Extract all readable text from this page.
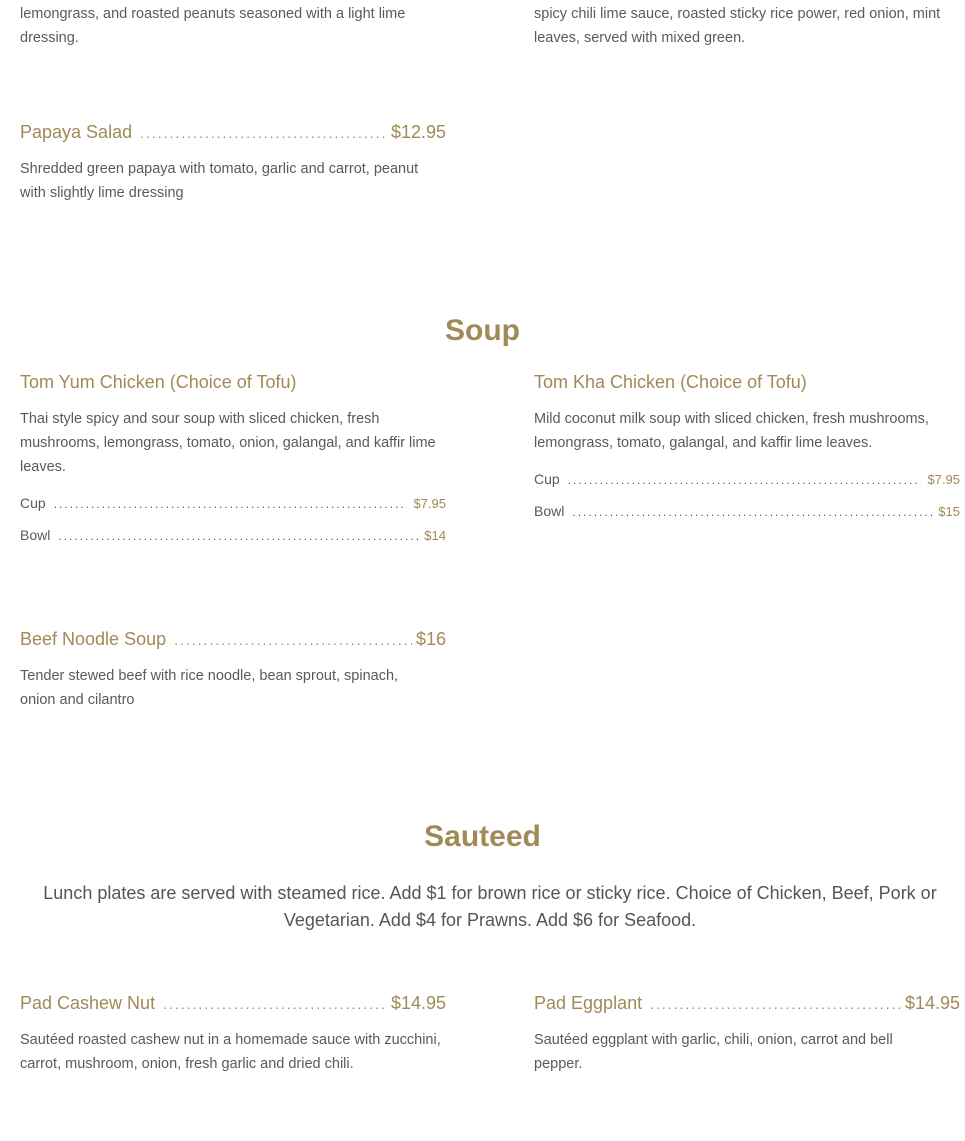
lemongrass, and roasted peanuts seasoned with a light lime dressing.

spicy chili lime sauce, roasted sticky rice power, red onion, mint leaves, served with mixed green.

Papaya Salad .....	$12.95

Shredded green papaya with tomato, garlic and carrot, peanut with slightly lime dressing

Soup
Tom Yum Chicken (Choice of Tofu)

Thai style spicy and sour soup with sliced chicken, fresh mushrooms, lemongrass, tomato, onion, galangal, and kaffir lime leaves.

Cup .....	$7.95
Bowl .....	$14
Tom Kha Chicken (Choice of Tofu)

Mild coconut milk soup with sliced chicken, fresh mushrooms, lemongrass, tomato, galangal, and kaffir lime leaves.

Cup .....	$7.95
Bowl .....	$15
Beef Noodle Soup .....	$16

Tender stewed beef with rice noodle, bean sprout, spinach, onion and cilantro

Sauteed

Lunch plates are served with steamed rice. Add $1 for brown rice or sticky rice. Choice of Chicken, Beef, Pork or Vegetarian. Add $4 for Prawns. Add $6 for Seafood.

Pad Cashew Nut .....	$14.95

Sautéed roasted cashew nut in a homemade sauce with zucchini, carrot, mushroom, onion, fresh garlic and dried chili.

Pad Eggplant .....	$14.95

Sautéed eggplant with garlic, chili, onion, carrot and bell pepper.
